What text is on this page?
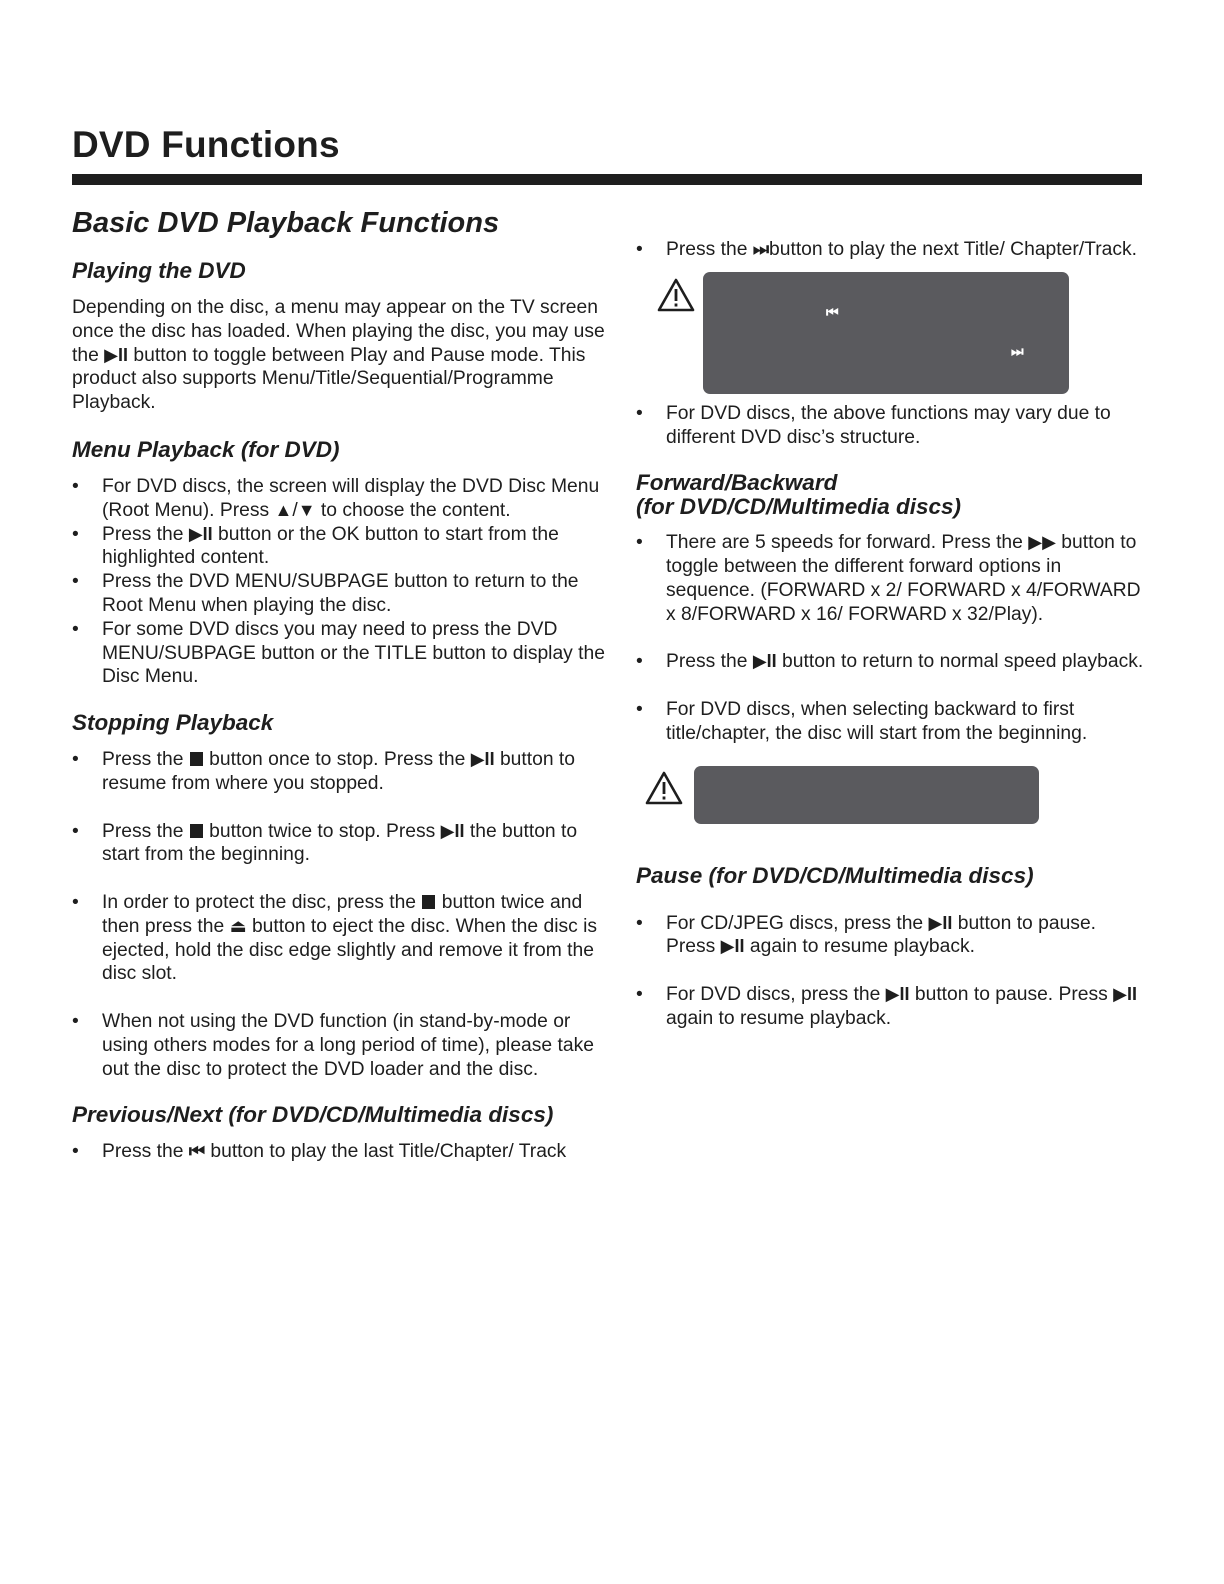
DVD Functions
Basic DVD Playback Functions
Playing the DVD

Depending on the disc, a menu may appear on the TV screen once the disc has loaded. When playing the disc, you may use the ▶II button to toggle between Play and Pause mode. This product also supports Menu/Title/Sequential/Programme Playback.

Menu Playback (for DVD)
• For DVD discs, the screen will display the DVD Disc Menu (Root Menu). Press ▲/▼ to choose the content.
• Press the ▶II button or the OK button to start from the highlighted content.
• Press the DVD MENU/SUBPAGE button to return to the Root Menu when playing the disc.
• For some DVD discs you may need to press the DVD MENU/SUBPAGE button or the TITLE button to display the Disc Menu.
Stopping Playback
• Press the button once to stop. Press the ▶II button to resume from where you stopped.
• Press the button twice to stop. Press ▶II the button to start from the beginning.
• In order to protect the disc, press the button twice and then press the ⏏ button to eject the disc. When the disc is ejected, hold the disc edge slightly and remove it from the disc slot.
• When not using the DVD function (in stand-by-mode or using others modes for a long period of time), please take out the disc to protect the DVD loader and the disc.
Previous/Next (for DVD/CD/Multimedia discs)
• Press the ⏮ button to play the last Title/Chapter/ Track
• Press the ⏭button to play the next Title/ Chapter/Track.
⏮
⏭
• For DVD discs, the above functions may vary due to different DVD disc’s structure.
Forward/Backward
(for DVD/CD/Multimedia discs)
• There are 5 speeds for forward. Press the ▶▶ button to toggle between the different forward options in sequence. (FORWARD x 2/ FORWARD x 4/FORWARD x 8/FORWARD x 16/ FORWARD x 32/Play).
• Press the ▶II button to return to normal speed playback.
• For DVD discs, when selecting backward to first title/chapter, the disc will start from the beginning.
Pause (for DVD/CD/Multimedia discs)
• For CD/JPEG discs, press the ▶II button to pause. Press ▶II again to resume playback.
• For DVD discs, press the ▶II button to pause. Press ▶II again to resume playback.
